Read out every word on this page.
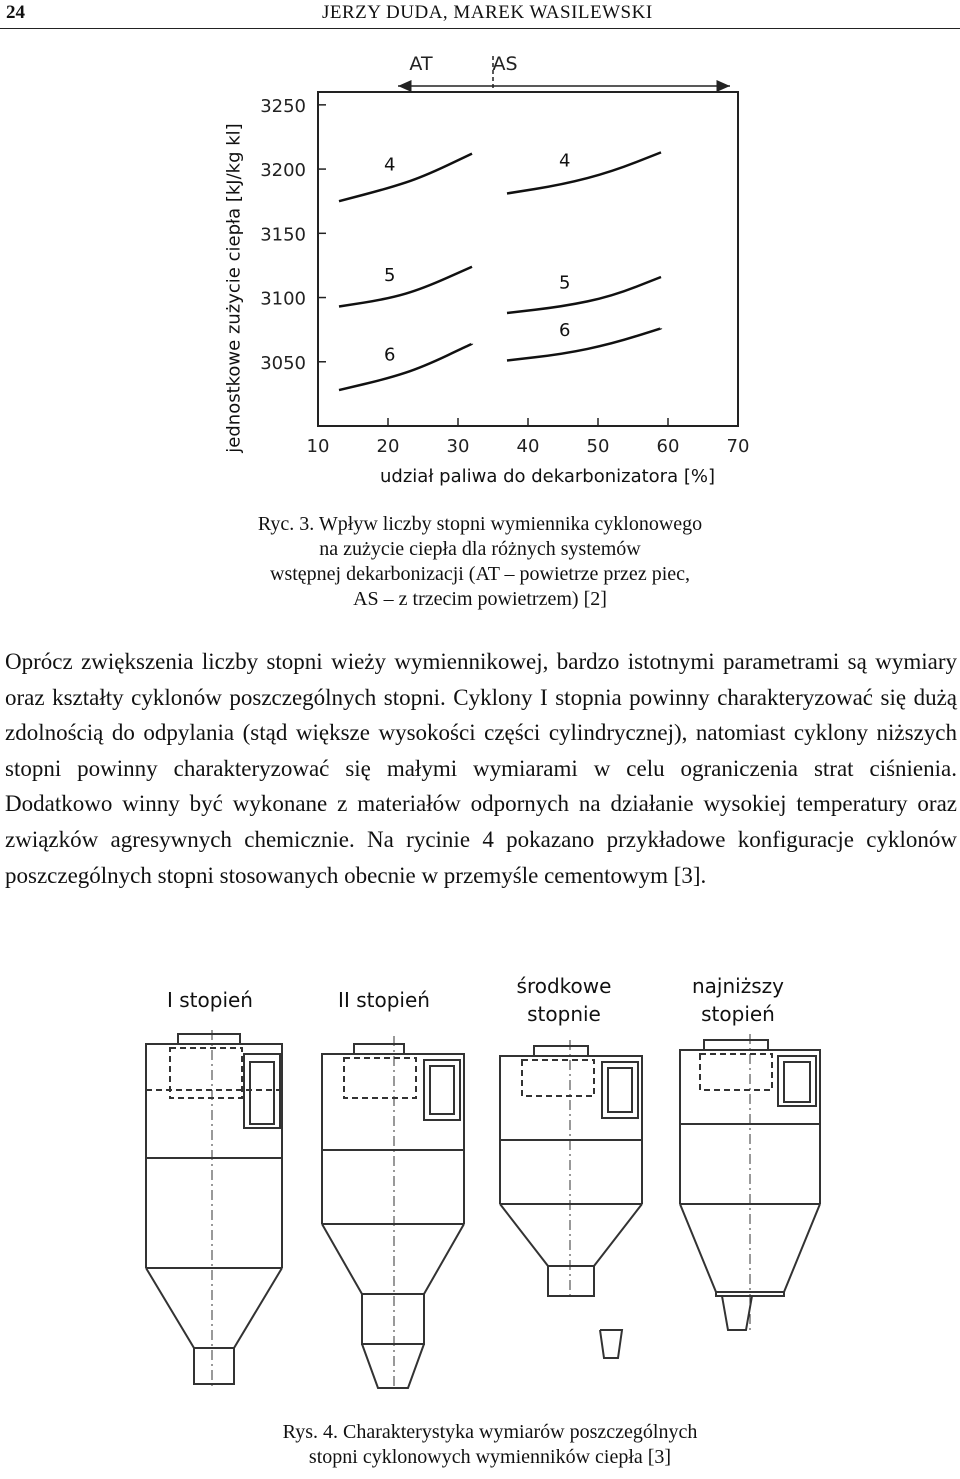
24	JERZY DUDA, MAREK WASILEWSKI
AT	AS
4
5
6
4
5
6
3050
3100
3150
3200
3250
10	20	30	40	50	60	70
jednostkowe zużycie ciepła [kJ/kg kl]
udział paliwa do dekarbonizatora [%]
Ryc. 3. Wpływ liczby stopni wymiennika cyklonowego
na zużycie ciepła dla różnych systemów
wstępnej dekarbonizacji (AT – powietrze przez piec,
AS – z trzecim powietrzem) [2]

Oprócz zwiększenia liczby stopni wieży wymiennikowej, bardzo istotnymi parametrami są wymiary oraz kształty cyklonów poszczególnych stopni. Cyklony I stopnia powinny charakteryzować się dużą zdolnością do odpylania (stąd większe wysokości części cylindrycznej), natomiast cyklony niższych stopni powinny charakteryzować się małymi wymiarami w celu ograniczenia strat ciśnienia. Dodatkowo winny być wykonane z materiałów odpornych na działanie wysokiej temperatury oraz związków agresywnych chemicznie. Na rycinie 4 pokazano przykładowe konfiguracje cyklonów poszczególnych stopni stosowanych obecnie w przemyśle cementowym [3].

I stopień	II stopień
środkowe
stopnie
najniższy
stopień
Rys. 4. Charakterystyka wymiarów poszczególnych
stopni cyklonowych wymienników ciepła [3]
